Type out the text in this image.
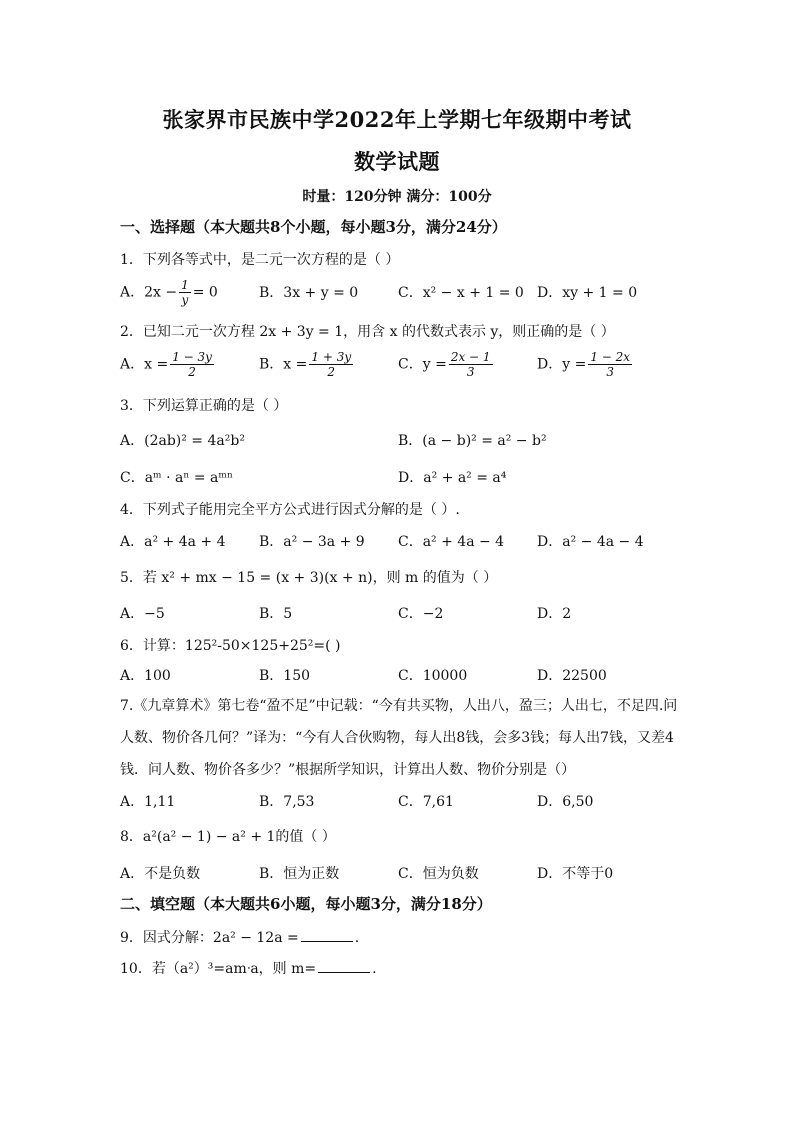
张家界市民族中学2022年上学期七年级期中考试
数学试题
时量：120分钟 满分：100分
一、选择题（本大题共8个小题，每小题3分，满分24分）
1．下列各等式中，是二元一次方程的是（ ）
A．$2x - \frac{1}{y} = 0$	B．3x + y = 0	C．x² − x + 1 = 0 D．xy + 1 = 0
2．已知二元一次方程 2x + 3y = 1，用含 x 的代数式表示 y，则正确的是（ ）
A．$x = \frac{1 - 3y}{2}$	B．$x = \frac{1 + 3y}{2}$	C．$y = \frac{2x - 1}{3}$	D．$y = \frac{1 - 2x}{3}$
3．下列运算正确的是（ ）
A．(2ab)² = 4a²b²	B．(a − b)² = a² − b²
C．aᵐ · aⁿ = aᵐⁿ	D．a² + a² = a⁴
4．下列式子能用完全平方公式进行因式分解的是（ ）.
A．a² + 4a + 4 B．a² − 3a + 9 C．a² + 4a − 4 D．a² − 4a − 4
5．若 x² + mx − 15 = (x + 3)(x + n)，则 m 的值为（ ）
A．−5	B．5	C．−2	D．2
6．计算：125²-50×125+25²=( )
A．100	B．150	C．10000	D．22500
7.《九章算术》第七卷“盈不足”中记载：“今有共买物，人出八，盈三；人出七，不足四.问人数、物价各几何？”译为：“今有人合伙购物，每人出8钱，会多3钱；每人出7钱，又差4钱．问人数、物价各多少？”根据所学知识，计算出人数、物价分别是（）
A．1,11	B．7,53	C．7,61	D．6,50
8．a²(a² − 1) − a² + 1的值（ ）
A．不是负数	B．恒为正数	C．恒为负数	D．不等于0
二、填空题（本大题共6小题，每小题3分，满分18分）
9．因式分解：2a² − 12a =	.
10．若（a²）³=amᐧa，则 m=	.
